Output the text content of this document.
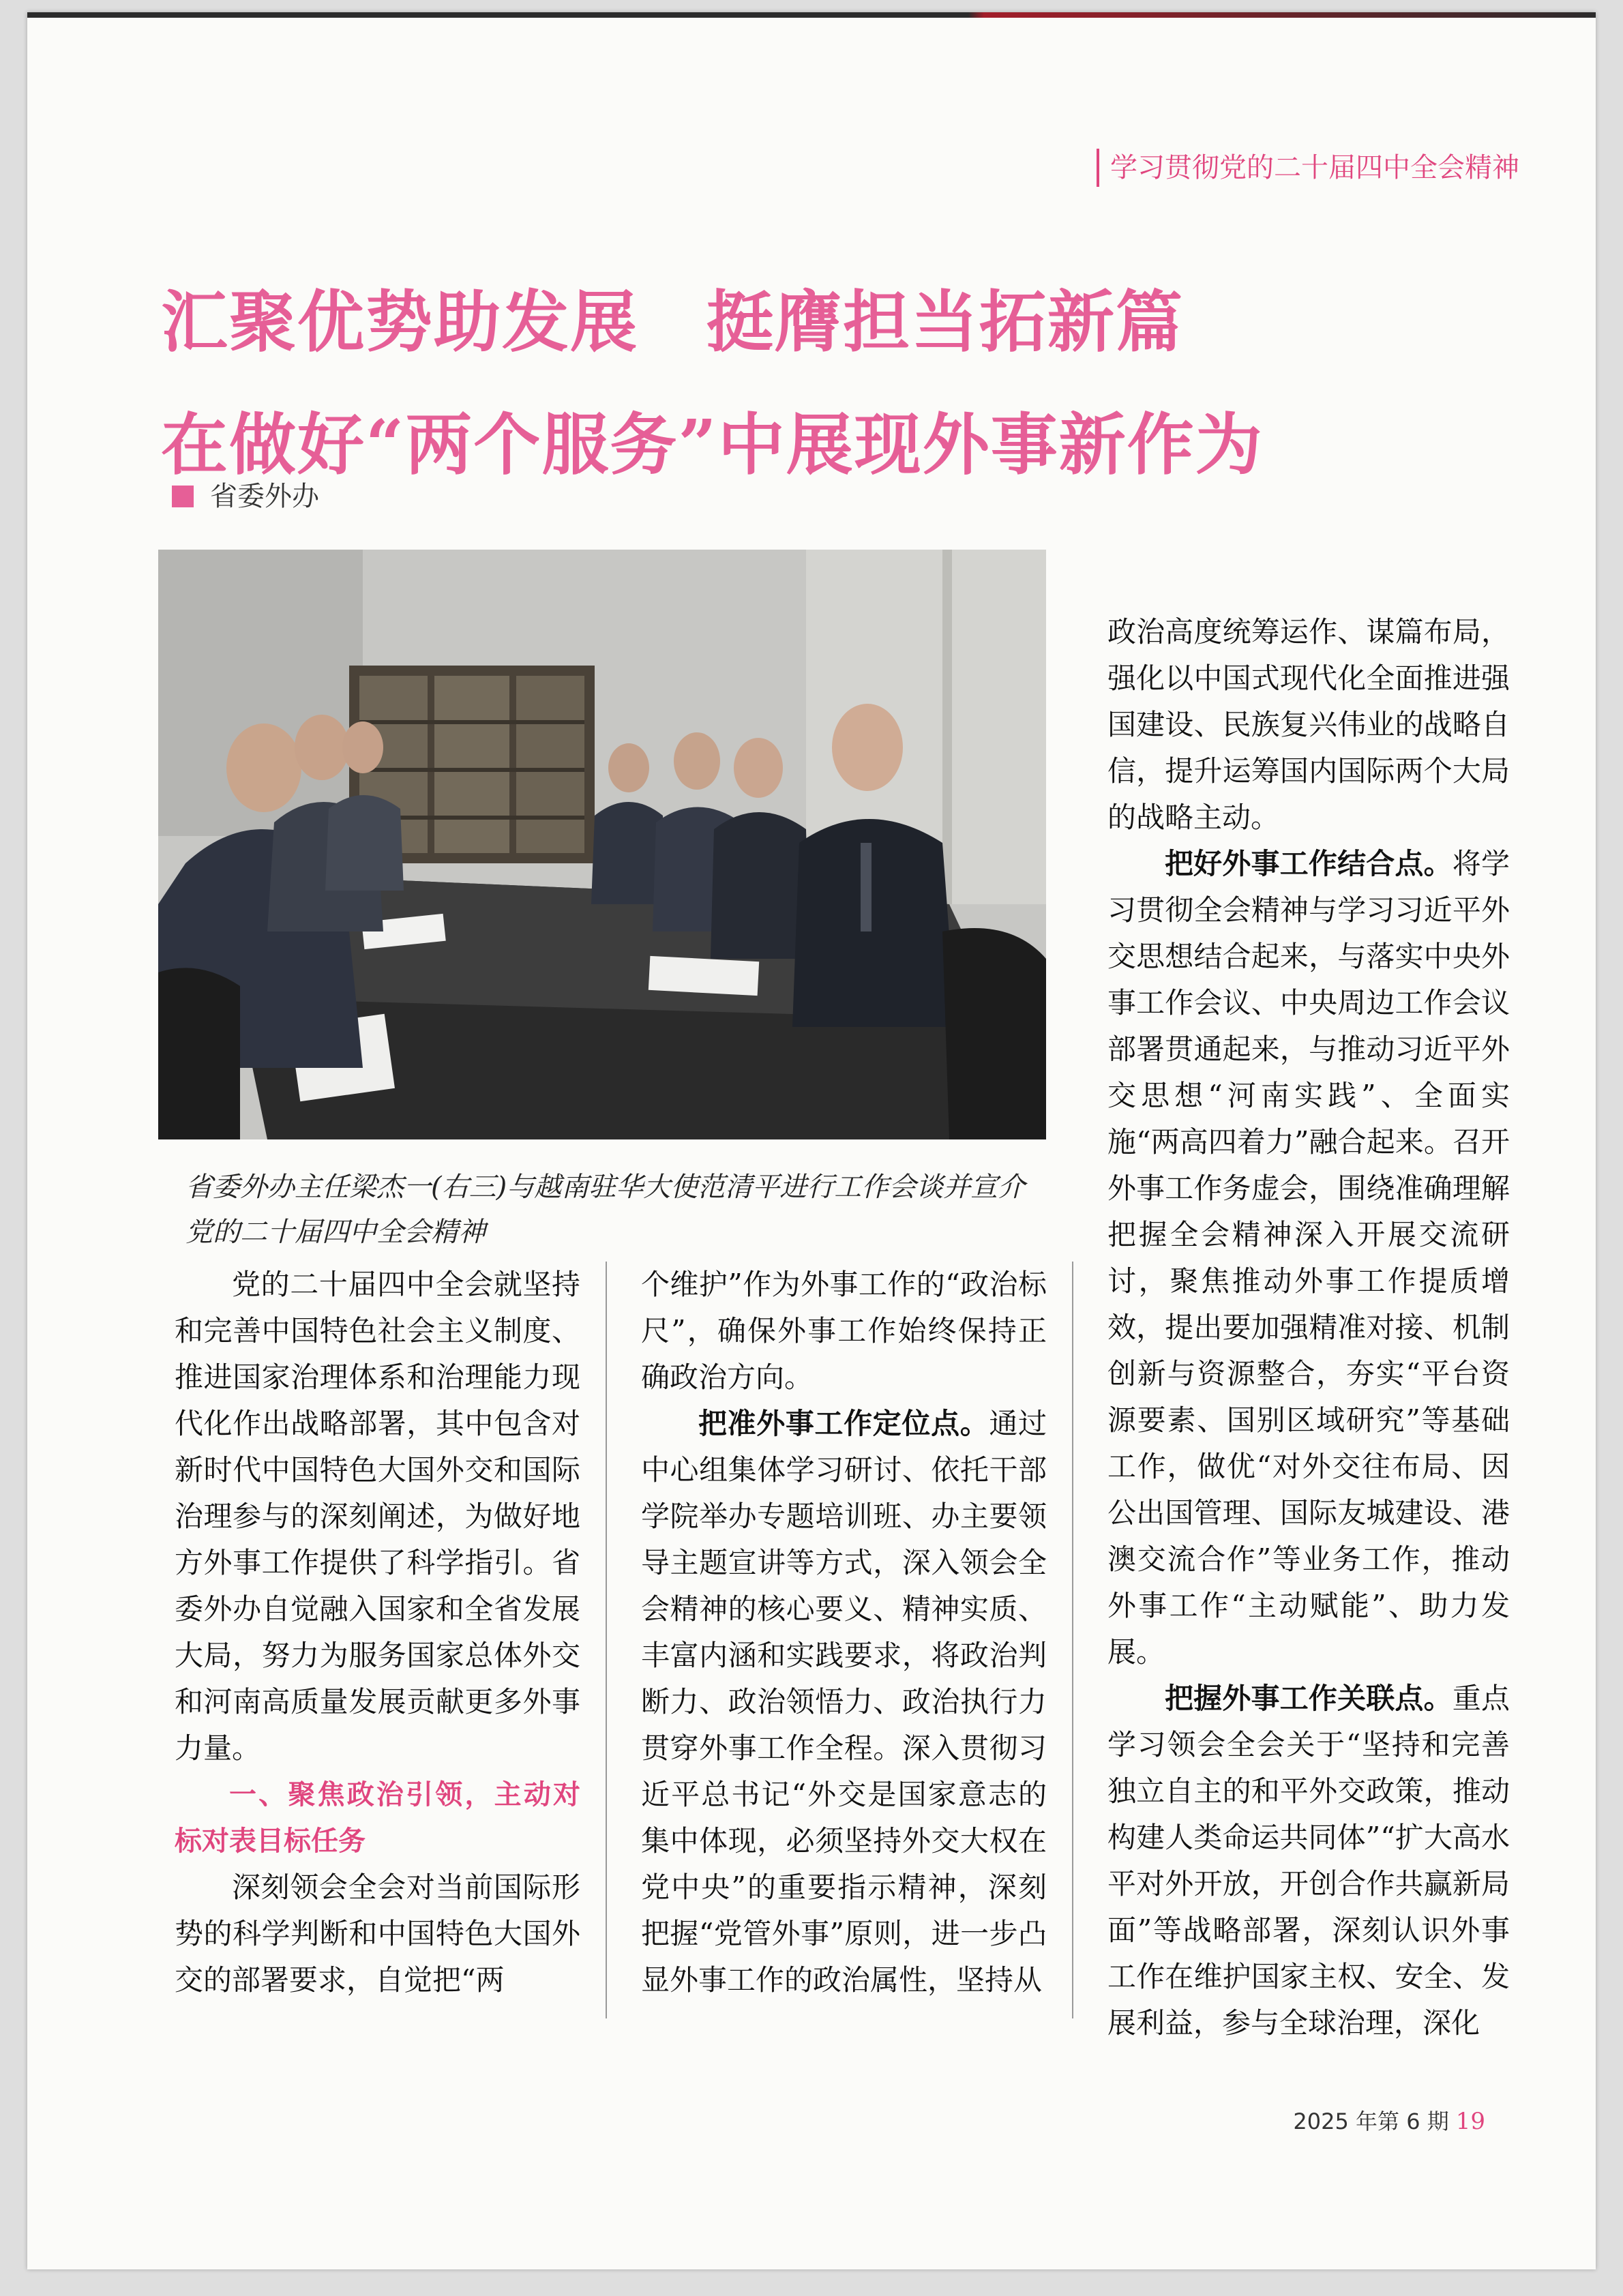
学习贯彻党的二十届四中全会精神
汇聚优势助发展　挺膺担当拓新篇
在做好“两个服务”中展现外事新作为
省委外办
省委外办主任梁杰一(右三)与越南驻华大使范清平进行工作会谈并宣介党的二十届四中全会精神

党的二十届四中全会就坚持和完善中国特色社会主义制度、推进国家治理体系和治理能力现代化作出战略部署，其中包含对新时代中国特色大国外交和国际治理参与的深刻阐述，为做好地方外事工作提供了科学指引。省委外办自觉融入国家和全省发展大局，努力为服务国家总体外交和河南高质量发展贡献更多外事力量。

一、聚焦政治引领，主动对标对表目标任务

深刻领会全会对当前国际形势的科学判断和中国特色大国外交的部署要求，自觉把“两

个维护”作为外事工作的“政治标尺”，确保外事工作始终保持正确政治方向。

把准外事工作定位点。通过中心组集体学习研讨、依托干部学院举办专题培训班、办主要领导主题宣讲等方式，深入领会全会精神的核心要义、精神实质、丰富内涵和实践要求，将政治判断力、政治领悟力、政治执行力贯穿外事工作全程。深入贯彻习近平总书记“外交是国家意志的集中体现，必须坚持外交大权在党中央”的重要指示精神，深刻把握“党管外事”原则，进一步凸显外事工作的政治属性，坚持从

政治高度统筹运作、谋篇布局，强化以中国式现代化全面推进强国建设、民族复兴伟业的战略自信，提升运筹国内国际两个大局的战略主动。

把好外事工作结合点。将学习贯彻全会精神与学习习近平外交思想结合起来，与落实中央外事工作会议、中央周边工作会议部署贯通起来，与推动习近平外交思想“河南实践”、全面实施“两高四着力”融合起来。召开外事工作务虚会，围绕准确理解把握全会精神深入开展交流研讨，聚焦推动外事工作提质增效，提出要加强精准对接、机制创新与资源整合，夯实“平台资源要素、国别区域研究”等基础工作，做优“对外交往布局、因公出国管理、国际友城建设、港澳交流合作”等业务工作，推动外事工作“主动赋能”、助力发展。

把握外事工作关联点。重点学习领会全会关于“坚持和完善独立自主的和平外交政策，推动构建人类命运共同体”“扩大高水平对外开放，开创合作共赢新局面”等战略部署，深刻认识外事工作在维护国家主权、安全、发展利益，参与全球治理，深化

2025 年第 6 期 19
